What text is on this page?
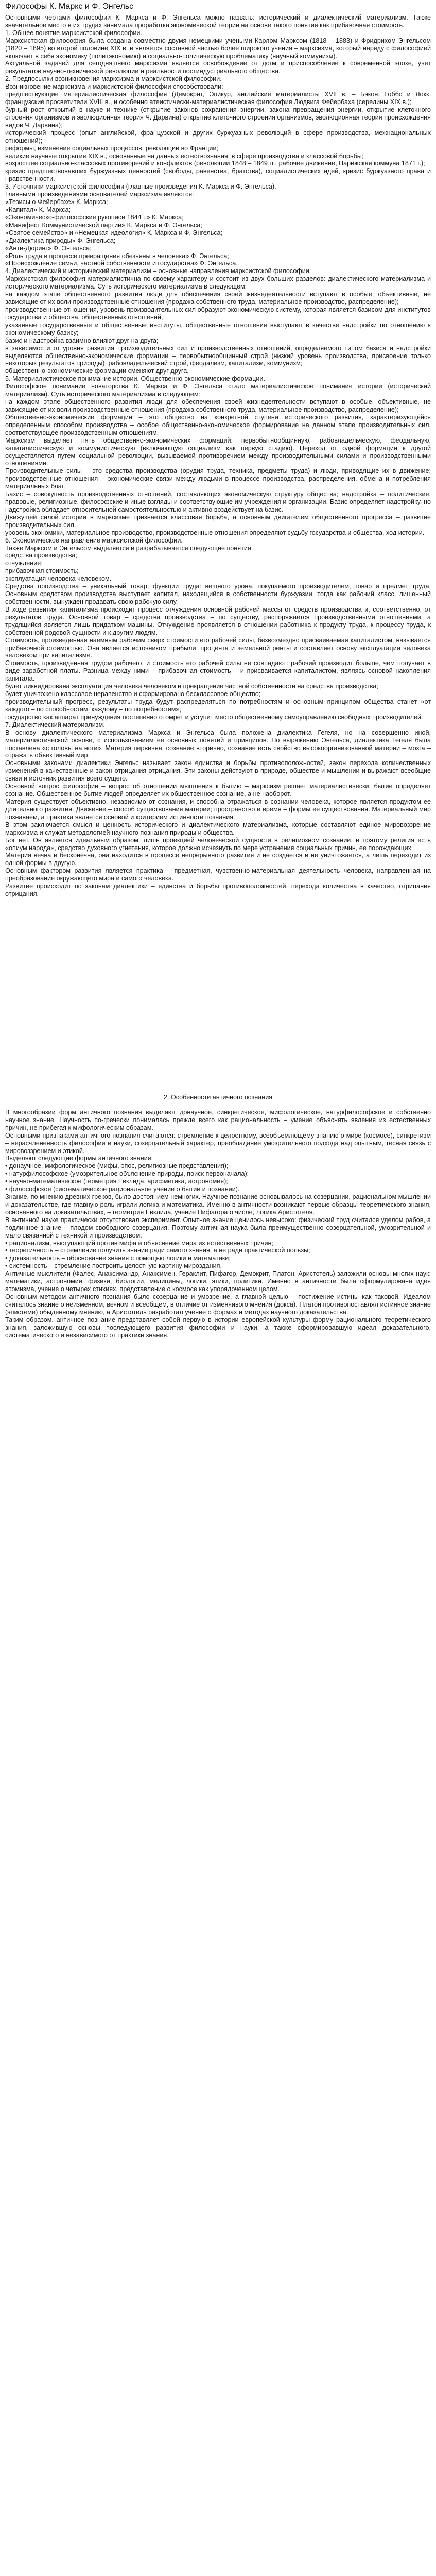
Философы К. Маркс и Ф. Энгельс

Основными чертами философии К. Маркса и Ф. Энгельса можно назвать: исторический и диалектический материализм. Также значительное место в их трудах занимала проработка экономической теории на основе такого понятия как прибавочная стоимость.

1. Общее понятие марксистской философии.

Марксистская философия была создана совместно двумя немецкими учеными Карлом Марксом (1818 – 1883) и Фридрихом Энгельсом (1820 – 1895) во второй половине XIX в. и является составной частью более широкого учения – марксизма, который наряду с философией включает в себя экономику (политэкономию) и социально-политическую проблематику (научный коммунизм).

Актуальной задачей для сегодняшнего марксизма является освобождение от догм и приспособление к современной эпохе, учет результатов научно-технической революции и реальности постиндустриального общества.

2. Предпосылки возникновения марксизма и марксистской философии.

Возникновение марксизма и марксистской философии способствовали:

предшествующие материалистическая философия (Демокрит, Эпикур, английские материалисты XVII в. – Бэкон, Гоббс и Локк, французские просветители XVIII в., и особенно атеистически-материалистическая философия Людвига Фейербаха (середины XIX в.);

бурный рост открытий в науке и технике (открытие законов сохранения энергии, закона превращения энергии, открытие клеточного строения организмов и эволюционная теория Ч. Дарвина) открытие клеточного строения организмов, эволюционная теория происхождения видов Ч. Дарвина);

исторический процесс (опыт английской, французской и других буржуазных революций в сфере производства, межнациональных отношений);

реформы, изменение социальных процессов, революции во Франции;

великие научные открытия XIX в., основанные на данных естествознания, в сфере производства и классовой борьбы;

возросшее социально-классовых противоречий и конфликтов (революции 1848 – 1849 гг., рабочее движение, Парижская коммуна 1871 г.);

кризис предшествовавших буржуазных ценностей (свободы, равенства, братства), социалистических идей, кризис буржуазного права и нравственности.

3. Источники марксистской философии (главные произведения К. Маркса и Ф. Энгельса).

Главными произведениями основателей марксизма являются:

«Тезисы о Фейербахе» К. Маркса;

«Капитал» К. Маркса;

«Экономическо-философские рукописи 1844 г.» К. Маркса;

«Манифест Коммунистической партии» К. Маркса и Ф. Энгельса;

«Святое семейство» и «Немецкая идеология» К. Маркса и Ф. Энгельса;

«Диалектика природы» Ф. Энгельса;

«Анти-Дюринг» Ф. Энгельса;

«Роль труда в процессе превращения обезьяны в человека» Ф. Энгельса;

«Происхождение семьи, частной собственности и государства» Ф. Энгельса.

4. Диалектический и исторический материализм – основные направления марксистской философии.

Марксистская философия материалистична по своему характеру и состоит из двух больших разделов: диалектического материализма и исторического материализма. Суть исторического материализма в следующем:

на каждом этапе общественного развития люди для обеспечения своей жизнедеятельности вступают в особые, объективные, не зависящие от их воли производственные отношения (продажа собственного труда, материальное производство, распределение);

производственные отношения, уровень производительных сил образуют экономическую систему, которая является базисом для институтов государства и общества, общественных отношений;

указанные государственные и общественные институты, общественные отношения выступают в качестве надстройки по отношению к экономическому базису;

базис и надстройка взаимно влияют друг на друга;

в зависимости от уровня развития производительных сил и производственных отношений, определяемого типом базиса и надстройки выделяются общественно-экономические формации – первобытнообщинный строй (низкий уровень производства, присвоение только некоторых результатов природы), рабовладельческий строй, феодализм, капитализм, коммунизм;

общественно-экономические формации сменяют друг друга.

5. Материалистическое понимание истории. Общественно-экономические формации.

Философское понимание новаторства К. Маркса и Ф. Энгельса стало материалистическое понимание истории (исторический материализм). Суть исторического материализма в следующем:

на каждом этапе общественного развития люди для обеспечения своей жизнедеятельности вступают в особые, объективные, не зависящие от их воли производственные отношения (продажа собственного труда, материальное производство, распределение);

Общественно-экономические формации – это общество на конкретной ступени исторического развития, характеризующейся определенным способом производства – особое общественно-экономическое формирование на данном этапе производительных сил, соответствующее производственным отношениям.

Марксизм выделяет пять общественно-экономических формаций: первобытнообщинную, рабовладельческую, феодальную, капиталистическую и коммунистическую (включающую социализм как первую стадию). Переход от одной формации к другой осуществляется путем социальной революции, вызываемой противоречием между производительными силами и производственными отношениями.

Производительные силы – это средства производства (орудия труда, техника, предметы труда) и люди, приводящие их в движение; производственные отношения – экономические связи между людьми в процессе производства, распределения, обмена и потребления материальных благ.

Базис – совокупность производственных отношений, составляющих экономическую структуру общества; надстройка – политические, правовые, религиозные, философские и иные взгляды и соответствующие им учреждения и организации. Базис определяет надстройку, но надстройка обладает относительной самостоятельностью и активно воздействует на базис.

Движущей силой истории в марксизме признается классовая борьба, а основным двигателем общественного прогресса – развитие производительных сил.

уровень экономики, материальное производство, производственные отношения определяют судьбу государства и общества, ход истории.

6. Экономическое направление марксистской философии.

Также Марксом и Энгельсом выделяется и разрабатывается следующие понятия:

средства производства;

отчуждение;

прибавочная стоимость;

эксплуатация человека человеком.

Средства производства – уникальный товар, функции труда: вещного урона, покупаемого производителем, товар и предмет труда. Основным средством производства выступает капитал, находящийся в собственности буржуазии, тогда как рабочий класс, лишенный собственности, вынужден продавать свою рабочую силу.

В ходе развития капитализма происходит процесс отчуждения основной рабочей массы от средств производства и, соответственно, от результатов труда. Основной товар – средства производства – по существу, распоряжается производственными отношениями, а трудящийся является лишь придатком машины. Отчуждение проявляется в отношении работника к продукту труда, к процессу труда, к собственной родовой сущности и к другим людям.

Стоимость, произведенная наемным рабочим сверх стоимости его рабочей силы, безвозмездно присваиваемая капиталистом, называется прибавочной стоимостью. Она является источником прибыли, процента и земельной ренты и составляет основу эксплуатации человека человеком при капитализме.

Стоимость, произведенная трудом рабочего, и стоимость его рабочей силы не совпадают: рабочий производит больше, чем получает в виде заработной платы. Разница между ними – прибавочная стоимость – и присваивается капиталистом, являясь основой накопления капитала.

будет ликвидирована эксплуатация человека человеком и прекращение частной собственности на средства производства;

будет уничтожено классовое неравенство и сформировано бесклассовое общество;

производительный прогресс, результаты труда будут распределяться по потребностям и основным принципом общества станет «от каждого – по способностям, каждому – по потребностям»;

государство как аппарат принуждения постепенно отомрет и уступит место общественному самоуправлению свободных производителей.

7. Диалектический материализм.

В основу диалектического материализма Маркса и Энгельса была положена диалектика Гегеля, но на совершенно иной, материалистической основе, с использованием ее основных понятий и принципов. По выражению Энгельса, диалектика Гегеля была поставлена «с головы на ноги». Материя первична, сознание вторично, сознание есть свойство высокоорганизованной материи – мозга – отражать объективный мир.

Основными законами диалектики Энгельс называет закон единства и борьбы противоположностей, закон перехода количественных изменений в качественные и закон отрицания отрицания. Эти законы действуют в природе, обществе и мышлении и выражают всеобщие связи и источник развития всего сущего.

Основной вопрос философии – вопрос об отношении мышления к бытию – марксизм решает материалистически: бытие определяет сознание. Общественное бытие людей определяет их общественное сознание, а не наоборот.

Материя существует объективно, независимо от сознания, и способна отражаться в сознании человека, которое является продуктом ее длительного развития. Движение – способ существования материи; пространство и время – формы ее существования. Материальный мир познаваем, а практика является основой и критерием истинности познания.

В этом заключается смысл и ценность исторического и диалектического материализма, которые составляют единое мировоззрение марксизма и служат методологией научного познания природы и общества.

Бог нет. Он является идеальным образом, лишь проекцией человеческой сущности в религиозном сознании, и поэтому религия есть «опиум народа», средство духовного угнетения, которое должно исчезнуть по мере устранения социальных причин, ее порождающих.

Материя вечна и бесконечна, она находится в процессе непрерывного развития и не создается и не уничтожается, а лишь переходит из одной формы в другую.

Основным фактором развития является практика – предметная, чувственно-материальная деятельность человека, направленная на преобразование окружающего мира и самого человека.

Развитие происходит по законам диалектики – единства и борьбы противоположностей, перехода количества в качество, отрицания отрицания.

2. Особенности античного познания

В многообразии форм античного познания выделяют донаучное, синкретическое, мифологическое, натурфилософское и собственно научное знание. Научность по-гречески понималась прежде всего как рациональность – умение объяснять явления из естественных причин, не прибегая к мифологическим образам.

Основными признаками античного познания считаются: стремление к целостному, всеобъемлющему знанию о мире (космосе), синкретизм – нерасчлененность философии и науки, созерцательный характер, преобладание умозрительного подхода над опытным, тесная связь с мировоззрением и этикой.

Выделяют следующие формы античного знания:

• донаучное, мифологическое (мифы, эпос, религиозные представления);

• натурфилософское (умозрительное объяснение природы, поиск первоначала);

• научно-математическое (геометрия Евклида, арифметика, астрономия);

• философское (систематическое рациональное учение о бытии и познании).

Знание, по мнению древних греков, было достоянием немногих. Научное познание основывалось на созерцании, рациональном мышлении и доказательстве, где главную роль играли логика и математика. Именно в античности возникают первые образцы теоретического знания, основанного на доказательствах, – геометрия Евклида, учение Пифагора о числе, логика Аристотеля.

В античной науке практически отсутствовал эксперимент. Опытное знание ценилось невысоко: физический труд считался уделом рабов, а подлинное знание – плодом свободного созерцания. Поэтому античная наука была преимущественно созерцательной, умозрительной и мало связанной с техникой и производством.

• рационализм, выступающий против мифа и объяснение мира из естественных причин;

• теоретичность – стремление получить знание ради самого знания, а не ради практической пользы;

• доказательность – обоснование знания с помощью логики и математики;

• системность – стремление построить целостную картину мироздания.

Античные мыслители (Фалес, Анаксимандр, Анаксимен, Гераклит, Пифагор, Демокрит, Платон, Аристотель) заложили основы многих наук: математики, астрономии, физики, биологии, медицины, логики, этики, политики. Именно в античности была сформулирована идея атомизма, учение о четырех стихиях, представление о космосе как упорядоченном целом.

Основным методом античного познания было созерцание и умозрение, а главной целью – постижение истины как таковой. Идеалом считалось знание о неизменном, вечном и всеобщем, в отличие от изменчивого мнения (докса). Платон противопоставлял истинное знание (эпистеме) обыденному мнению, а Аристотель разработал учение о формах и методах научного доказательства.

Таким образом, античное познание представляет собой первую в истории европейской культуры форму рационального теоретического знания, заложившую основы последующего развития философии и науки, а также сформировавшую идеал доказательного, систематического и независимого от практики знания.
